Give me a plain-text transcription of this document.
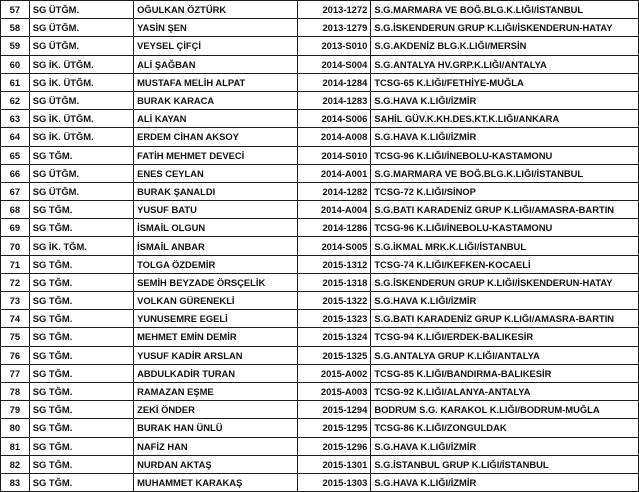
57	SG ÜTĞM.	OĞULKAN ÖZTÜRK	2013-1272	S.G.MARMARA VE BOĞ.BLG.K.LIĞI/İSTANBUL
58	SG ÜTĞM.	YASİN ŞEN	2013-1279	S.G.İSKENDERUN GRUP K.LIĞI/İSKENDERUN-HATAY
59	SG ÜTĞM.	VEYSEL ÇİFÇİ	2013-S010	S.G.AKDENİZ BLG.K.LIĞI/MERSİN
60	SG İK. ÜTĞM.	ALİ ŞAĞBAN	2014-S004	S.G.ANTALYA HV.GRP.K.LIĞI/ANTALYA
61	SG İK. ÜTĞM.	MUSTAFA MELİH ALPAT	2014-1284	TCSG-65 K.LIĞI/FETHİYE-MUĞLA
62	SG ÜTĞM.	BURAK KARACA	2014-1283	S.G.HAVA K.LIĞI/İZMİR
63	SG İK. ÜTĞM.	ALİ KAYAN	2014-S006	SAHİL GÜV.K.KH.DES.KT.K.LIĞI/ANKARA
64	SG İK. ÜTĞM.	ERDEM CİHAN AKSOY	2014-A008	S.G.HAVA K.LIĞI/İZMİR
65	SG TĞM.	FATİH MEHMET DEVECİ	2014-S010	TCSG-96 K.LIĞI/İNEBOLU-KASTAMONU
66	SG ÜTĞM.	ENES CEYLAN	2014-A001	S.G.MARMARA VE BOĞ.BLG.K.LIĞI/İSTANBUL
67	SG ÜTĞM.	BURAK ŞANALDI	2014-1282	TCSG-72 K.LIĞI/SİNOP
68	SG TĞM.	YUSUF BATU	2014-A004	S.G.BATI KARADENİZ GRUP K.LIĞI/AMASRA-BARTIN
69	SG TĞM.	İSMAİL OLGUN	2014-1286	TCSG-96 K.LIĞI/İNEBOLU-KASTAMONU
70	SG İK. TĞM.	İSMAİL ANBAR	2014-S005	S.G.İKMAL MRK.K.LIĞI/İSTANBUL
71	SG TĞM.	TOLGA ÖZDEMİR	2015-1312	TCSG-74 K.LIĞI/KEFKEN-KOCAELİ
72	SG TĞM.	SEMİH BEYZADE ÖRSÇELİK	2015-1318	S.G.İSKENDERUN GRUP K.LIĞI/İSKENDERUN-HATAY
73	SG TĞM.	VOLKAN GÜRENEKLİ	2015-1322	S.G.HAVA K.LIĞI/İZMİR
74	SG TĞM.	YUNUSEMRE EGELİ	2015-1323	S.G.BATI KARADENİZ GRUP K.LIĞI/AMASRA-BARTIN
75	SG TĞM.	MEHMET EMİN DEMİR	2015-1324	TCSG-94 K.LIĞI/ERDEK-BALIKESİR
76	SG TĞM.	YUSUF KADİR ARSLAN	2015-1325	S.G.ANTALYA GRUP K.LIĞI/ANTALYA
77	SG TĞM.	ABDULKADİR TURAN	2015-A002	TCSG-85 K.LIĞI/BANDIRMA-BALIKESİR
78	SG TĞM.	RAMAZAN EŞME	2015-A003	TCSG-92 K.LIĞI/ALANYA-ANTALYA
79	SG TĞM.	ZEKİ ÖNDER	2015-1294	BODRUM S.G. KARAKOL K.LIĞI/BODRUM-MUĞLA
80	SG TĞM.	BURAK HAN ÜNLÜ	2015-1295	TCSG-86 K.LIĞI/ZONGULDAK
81	SG TĞM.	NAFİZ HAN	2015-1296	S.G.HAVA K.LIĞI/İZMİR
82	SG TĞM.	NURDAN AKTAŞ	2015-1301	S.G.İSTANBUL GRUP K.LIĞI/İSTANBUL
83	SG TĞM.	MUHAMMET KARAKAŞ	2015-1303	S.G.HAVA K.LIĞI/İZMİR
